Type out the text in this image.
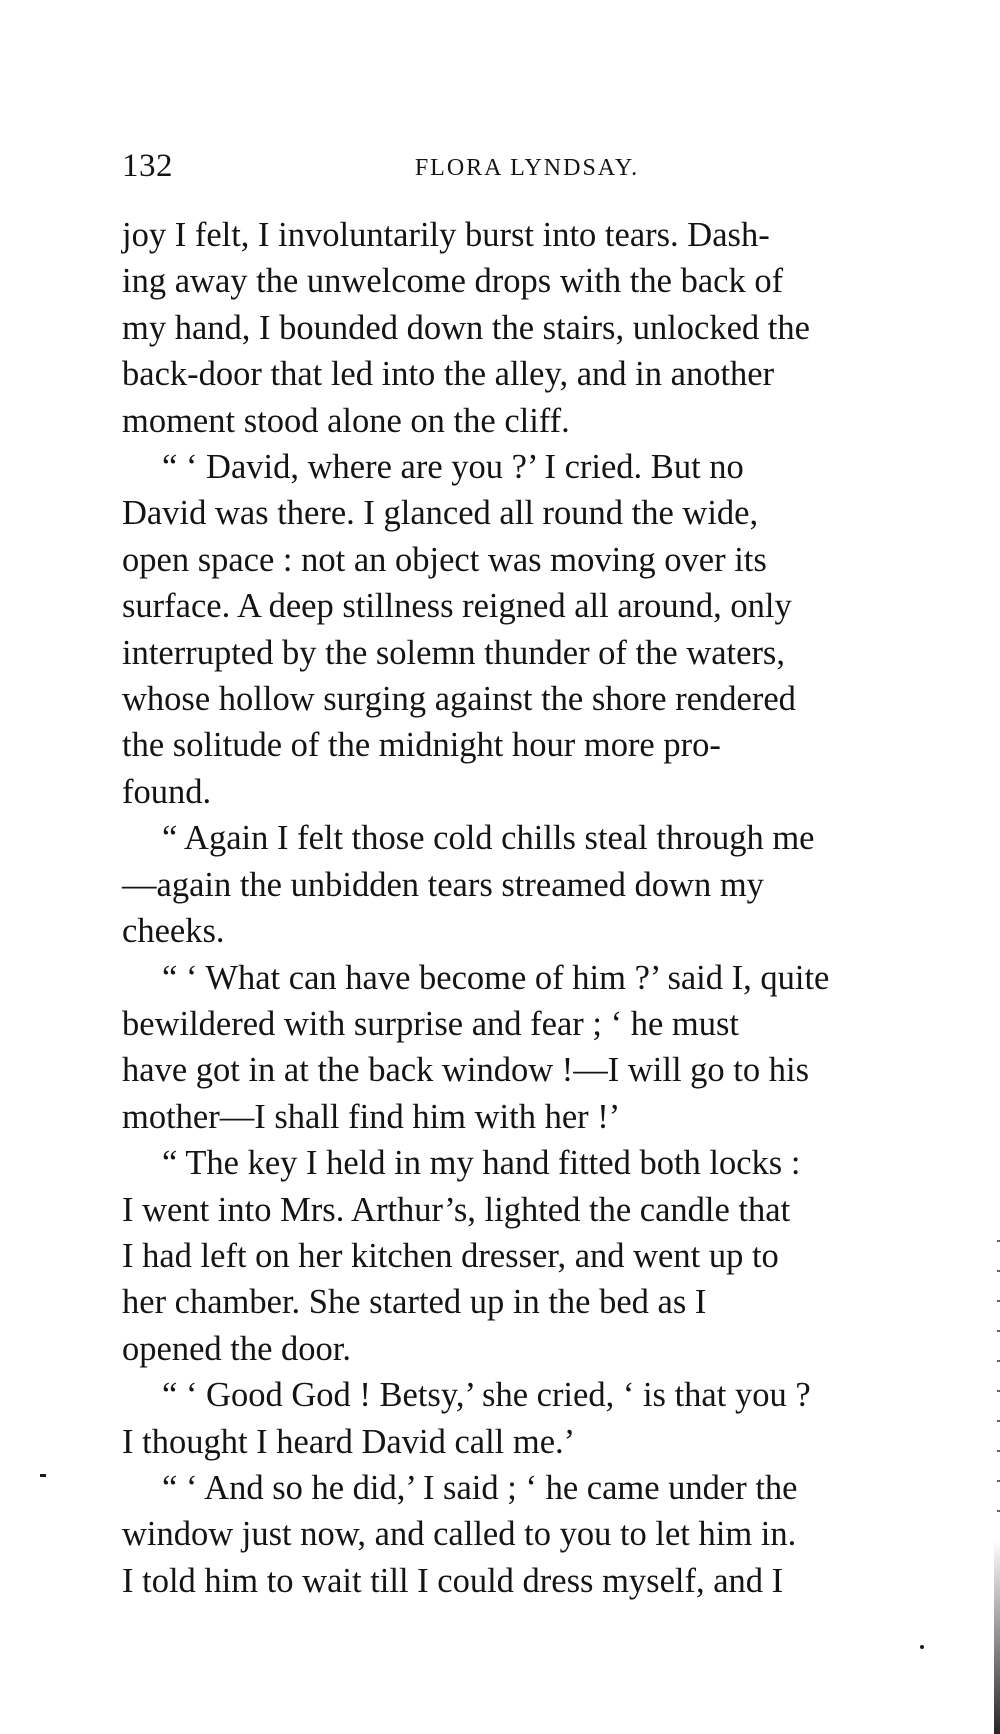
132	FLORA LYNDSAY.

joy I felt, I involuntarily burst into tears. Dash-
ing away the unwelcome drops with the back of
my hand, I bounded down the stairs, unlocked the
back-door that led into the alley, and in another
moment stood alone on the cliff.

“ ‘ David, where are you ?’ I cried. But no
David was there. I glanced all round the wide,
open space : not an object was moving over its
surface. A deep stillness reigned all around, only
interrupted by the solemn thunder of the waters,
whose hollow surging against the shore rendered
the solitude of the midnight hour more pro-
found.

“ Again I felt those cold chills steal through me
—again the unbidden tears streamed down my
cheeks.

“ ‘ What can have become of him ?’ said I, quite
bewildered with surprise and fear ; ‘ he must
have got in at the back window !—I will go to his
mother—I shall find him with her !’

“ The key I held in my hand fitted both locks :
I went into Mrs. Arthur’s, lighted the candle that
I had left on her kitchen dresser, and went up to
her chamber. She started up in the bed as I
opened the door.

“ ‘ Good God ! Betsy,’ she cried, ‘ is that you ?
I thought I heard David call me.’

“ ‘ And so he did,’ I said ; ‘ he came under the
window just now, and called to you to let him in.
I told him to wait till I could dress myself, and I
